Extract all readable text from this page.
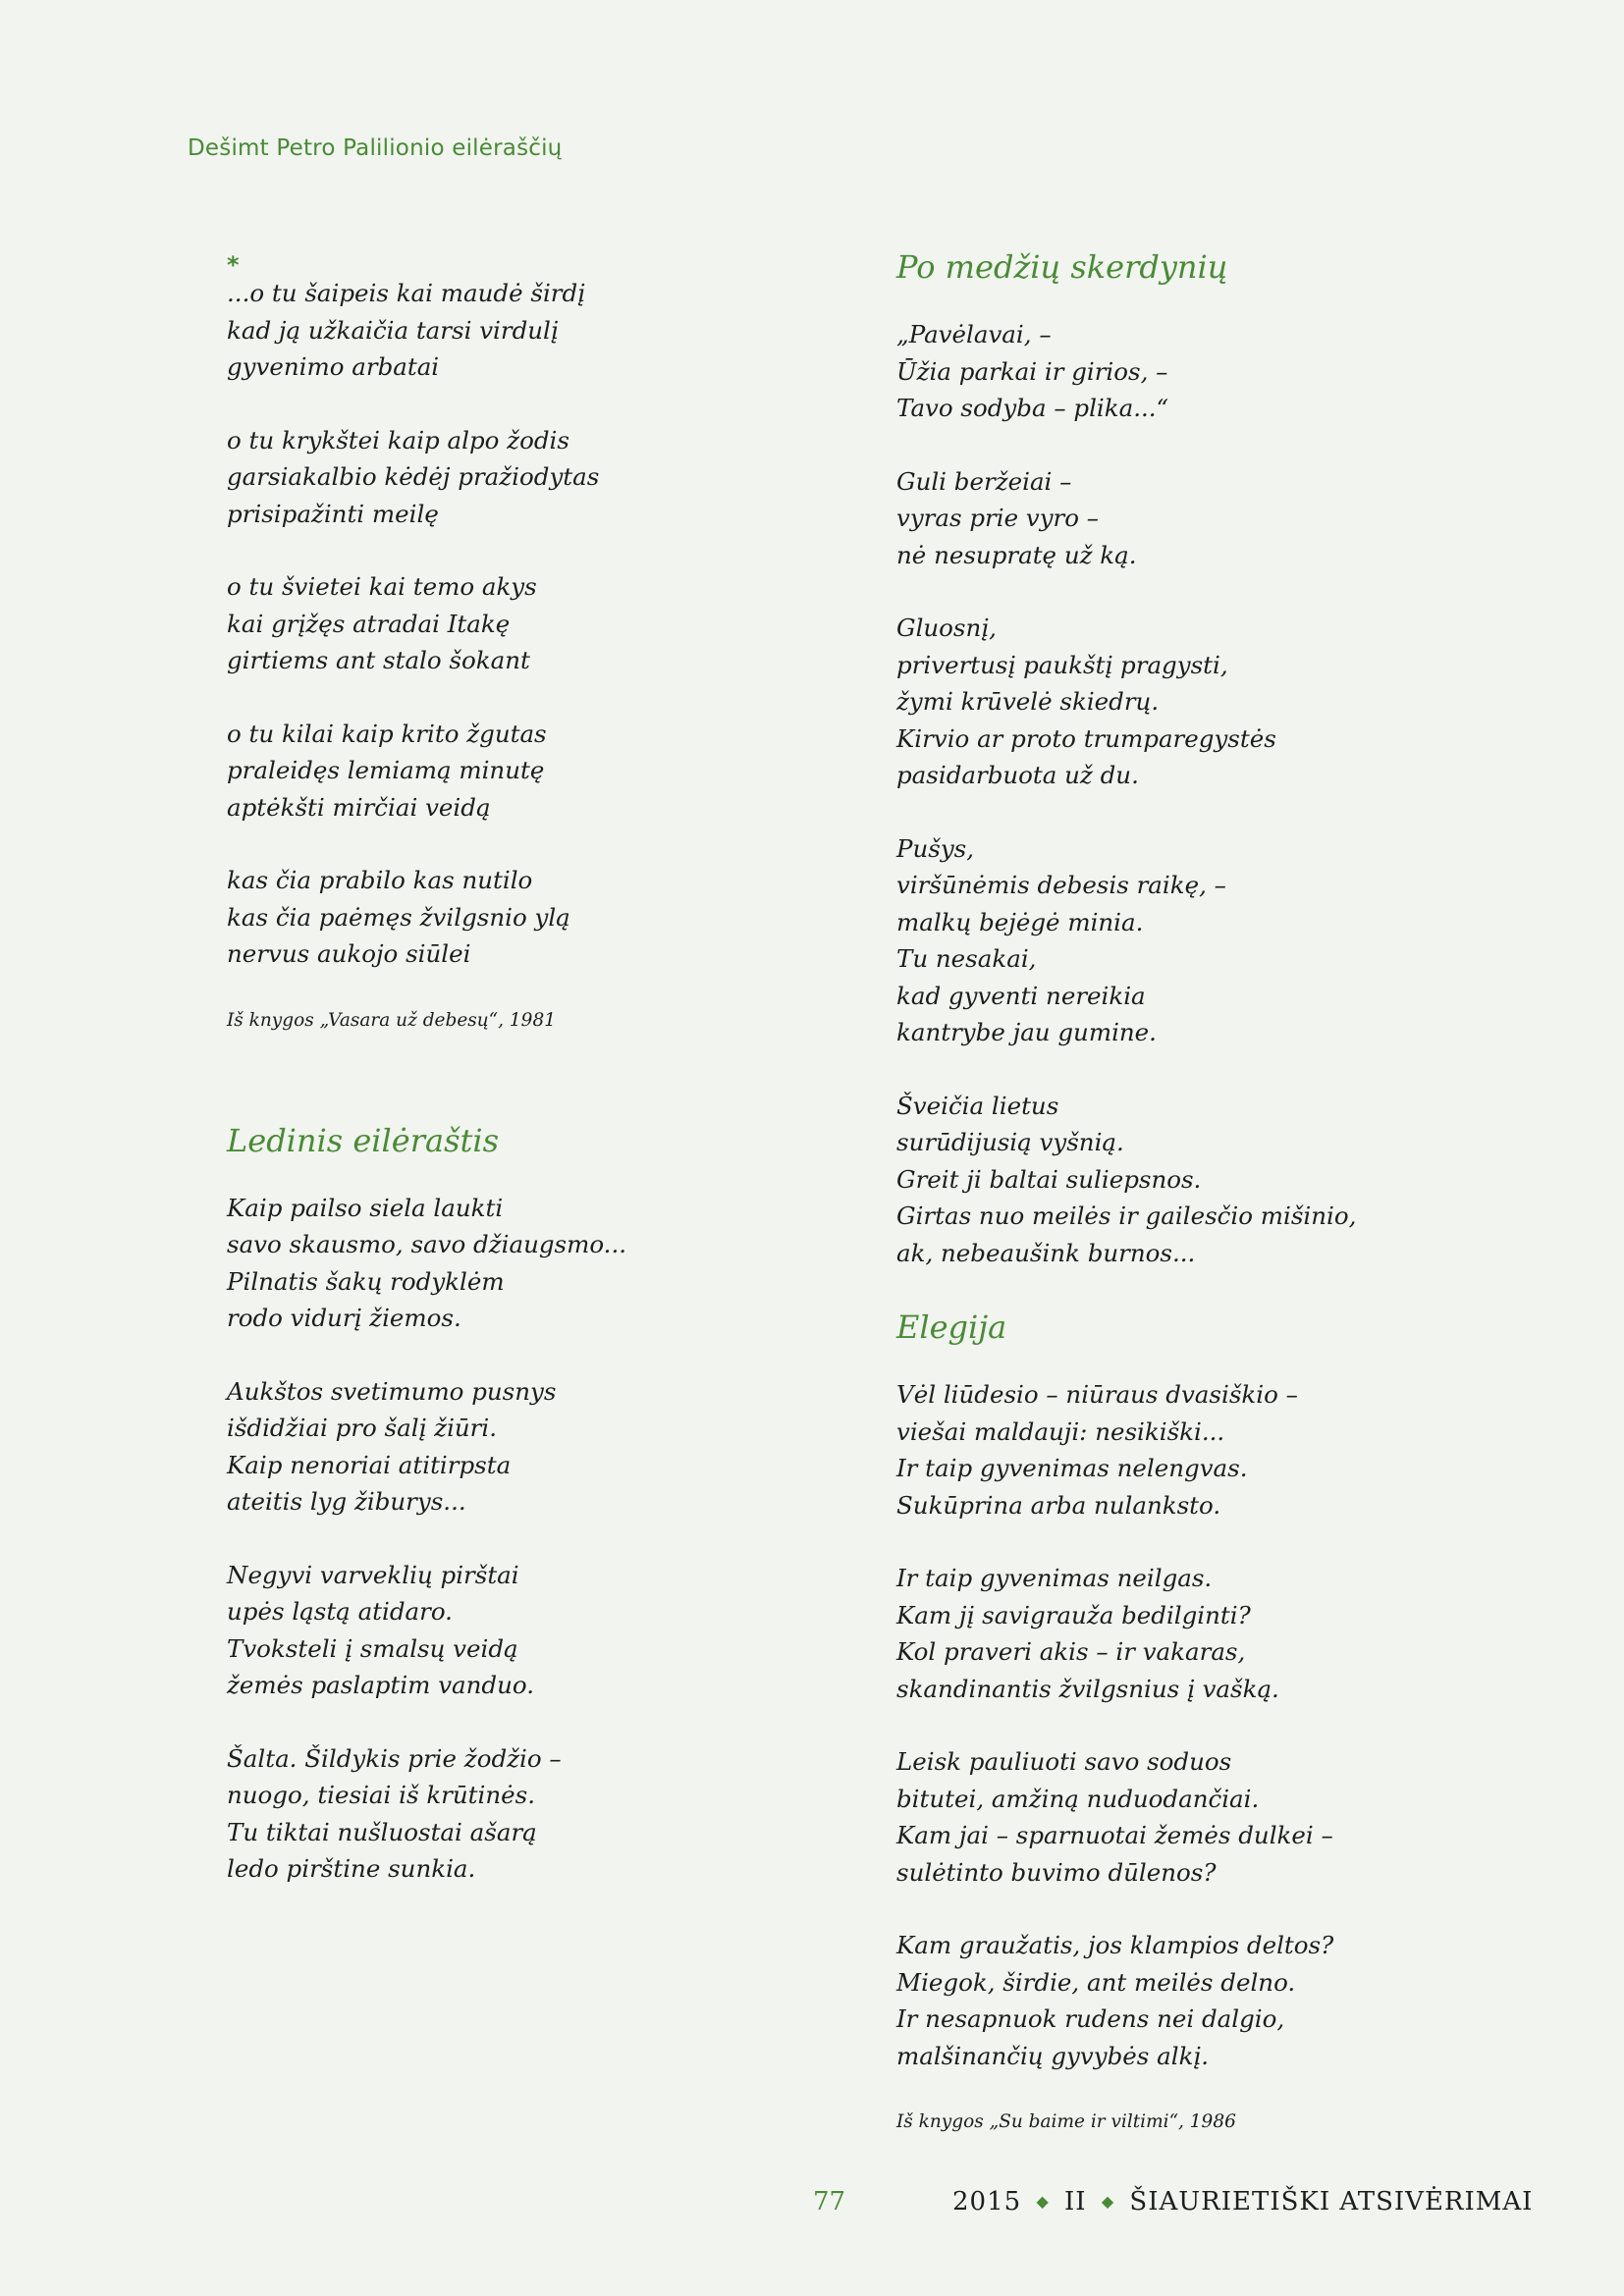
Dešimt Petro Palilionio eilėraščių
*
...o tu šaipeis kai maudė širdį
kad ją užkaičia tarsi virdulį
gyvenimo arbatai
o tu krykštei kaip alpo žodis
garsiakalbio kėdėj pražiodytas
prisipažinti meilę
o tu švietei kai temo akys
kai grįžęs atradai Itakę
girtiems ant stalo šokant
o tu kilai kaip krito žgutas
praleidęs lemiamą minutę
aptėkšti mirčiai veidą
kas čia prabilo kas nutilo
kas čia paėmęs žvilgsnio ylą
nervus aukojo siūlei
Iš knygos „Vasara už debesų“, 1981
Ledinis eilėraštis
Kaip pailso siela laukti
savo skausmo, savo džiaugsmo...
Pilnatis šakų rodyklėm
rodo vidurį žiemos.
Aukštos svetimumo pusnys
išdidžiai pro šalį žiūri.
Kaip nenoriai atitirpsta
ateitis lyg žiburys...
Negyvi varveklių pirštai
upės ląstą atidaro.
Tvoksteli į smalsų veidą
žemės paslaptim vanduo.
Šalta. Šildykis prie žodžio –
nuogo, tiesiai iš krūtinės.
Tu tiktai nušluostai ašarą
ledo pirštine sunkia.
Po medžių skerdynių
„Pavėlavai, –
Ūžia parkai ir girios, –
Tavo sodyba – plika...“
Guli beržeiai –
vyras prie vyro –
nė nesupratę už ką.
Gluosnį,
privertusį paukštį pragysti,
žymi krūvelė skiedrų.
Kirvio ar proto trumparegystės
pasidarbuota už du.
Pušys,
viršūnėmis debesis raikę, –
malkų bejėgė minia.
Tu nesakai,
kad gyventi nereikia
kantrybe jau gumine.
Šveičia lietus
surūdijusią vyšnią.
Greit ji baltai suliepsnos.
Girtas nuo meilės ir gailesčio mišinio,
ak, nebeaušink burnos...
Elegija
Vėl liūdesio – niūraus dvasiškio –
viešai maldauji: nesikiški...
Ir taip gyvenimas nelengvas.
Sukūprina arba nulanksto.
Ir taip gyvenimas neilgas.
Kam jį savigrauža bedilginti?
Kol praveri akis – ir vakaras,
skandinantis žvilgsnius į vašką.
Leisk pauliuoti savo soduos
bitutei, amžiną nuduodančiai.
Kam jai – sparnuotai žemės dulkei –
sulėtinto buvimo dūlenos?
Kam graužatis, jos klampios deltos?
Miegok, širdie, ant meilės delno.
Ir nesapnuok rudens nei dalgio,
malšinančių gyvybės alkį.
Iš knygos „Su baime ir viltimi“, 1986
77	2015 ◆ II ◆ ŠIAURIETIŠKI ATSIVĖRIMAI
